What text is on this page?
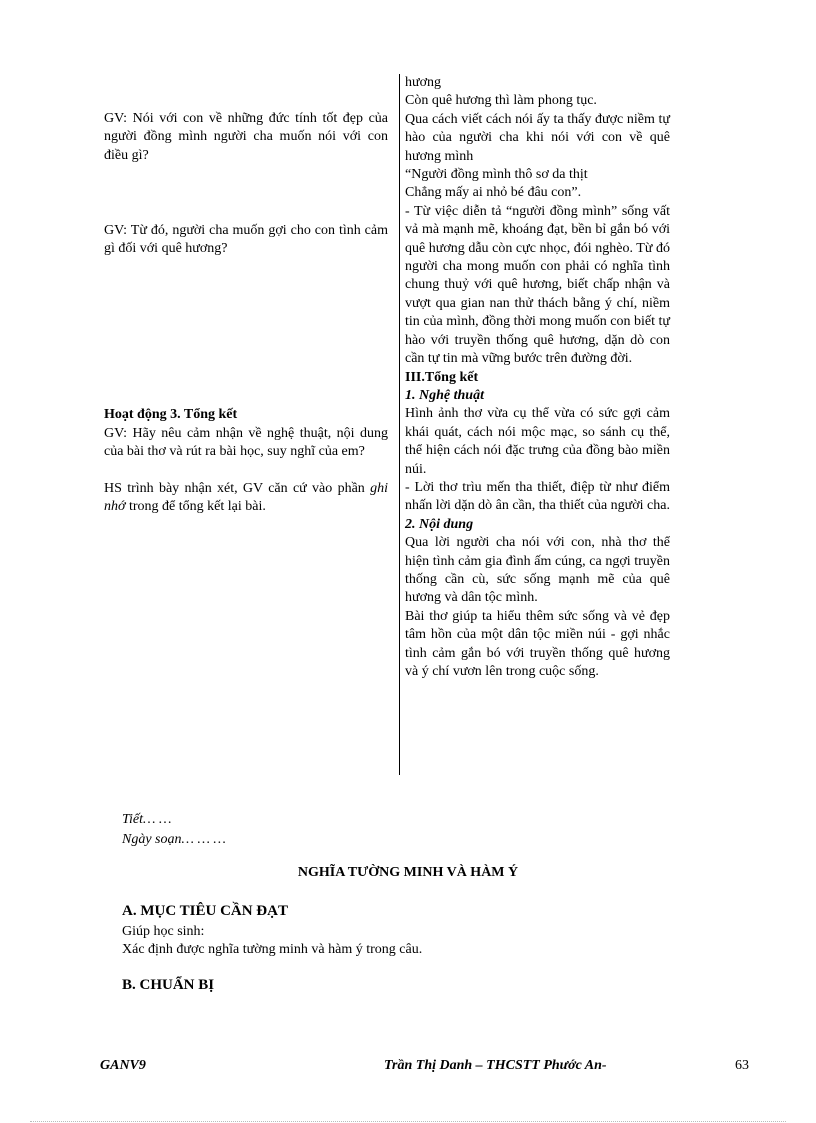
GV: Nói với con về những đức tính tốt đẹp của người đồng mình người cha muốn nói với con điều gì?

GV: Từ đó, người cha muốn gợi cho con tình cảm gì đối với quê hương?

Hoạt động 3. Tổng kết

GV: Hãy nêu cảm nhận về nghệ thuật, nội dung của bài thơ và rút ra bài học, suy nghĩ của em?

HS trình bày nhận xét, GV căn cứ vào phần ghi nhớ trong để tổng kết lại bài.

hương

Còn quê hương thì làm phong tục.

Qua cách viết cách nói ấy ta thấy được niềm tự hào của người cha khi nói với con về quê hương mình

“Người đồng mình thô sơ da thịt

Chẳng mấy ai nhỏ bé đâu con”.

- Từ việc diễn tả “người đồng mình” sống vất vả mà mạnh mẽ, khoáng đạt, bền bỉ gắn bó với quê hương dẫu còn cực nhọc, đói nghèo. Từ đó người cha mong muốn con phải có nghĩa tình chung thuỷ với quê hương, biết chấp nhận và vượt qua gian nan thử thách bằng ý chí, niềm tin của mình, đồng thời mong muốn con biết tự hào với truyền thống quê hương, dặn dò con cần tự tin mà vững bước trên đường đời.

III.Tổng kết

1. Nghệ thuật

Hình ảnh thơ vừa cụ thể vừa có sức gợi cảm khái quát, cách nói mộc mạc, so sánh cụ thể, thể hiện cách nói đặc trưng của đồng bào miền núi.

- Lời thơ trìu mến tha thiết, điệp từ như điểm nhấn lời dặn dò ân cần, tha thiết của người cha.

2. Nội dung

Qua lời người cha nói với con, nhà thơ thể hiện tình cảm gia đình ấm cúng, ca ngợi truyền thống cần cù, sức sống mạnh mẽ của quê hương và dân tộc mình.

Bài thơ giúp ta hiểu thêm sức sống và vẻ đẹp tâm hồn của một dân tộc miền núi - gợi nhắc tình cảm gắn bó với truyền thống quê hương và ý chí vươn lên trong cuộc sống.

Tiết… …
Ngày soạn… … …
NGHĨA TƯỜNG MINH VÀ HÀM Ý
A. MỤC TIÊU CẦN ĐẠT
Giúp học sinh:
Xác định được nghĩa tường minh và hàm ý trong câu.
B. CHUẨN BỊ
GANV9	Trần Thị Danh – THCSTT Phước An-	63
